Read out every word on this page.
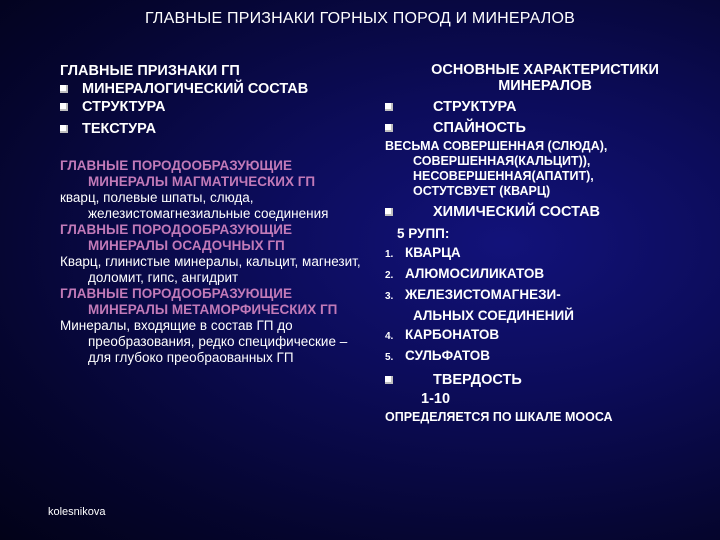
ГЛАВНЫЕ ПРИЗНАКИ ГОРНЫХ ПОРОД И МИНЕРАЛОВ
ГЛАВНЫЕ ПРИЗНАКИ ГП
МИНЕРАЛОГИЧЕСКИЙ СОСТАВ
СТРУКТУРА
ТЕКСТУРА
ГЛАВНЫЕ ПОРОДООБРАЗУЮЩИЕ МИНЕРАЛЫ МАГМАТИЧЕСКИХ ГП
кварц, полевые шпаты, слюда, железистомагнезиальные соединения
ГЛАВНЫЕ ПОРОДООБРАЗУЮЩИЕ МИНЕРАЛЫ ОСАДОЧНЫХ ГП
Кварц, глинистые минералы, кальцит, магнезит, доломит, гипс, ангидрит
ГЛАВНЫЕ ПОРОДООБРАЗУЮЩИЕ МИНЕРАЛЫ МЕТАМОРФИЧЕСКИХ ГП
Минералы, входящие в состав ГП до преобразования, редко специфические – для глубоко преобраованных ГП
ОСНОВНЫЕ ХАРАКТЕРИСТИКИ МИНЕРАЛОВ
СТРУКТУРА
СПАЙНОСТЬ
ВЕСЬМА СОВЕРШЕННАЯ (СЛЮДА),
СОВЕРШЕННАЯ(КАЛЬЦИТ)),
НЕСОВЕРШЕННАЯ(АПАТИТ),
ОСТУТСВУЕТ (КВАРЦ)
ХИМИЧЕСКИЙ СОСТАВ
5 РУПП:
1. КВАРЦА
2. АЛЮМОСИЛИКАТОВ
3. ЖЕЛЕЗИСТОМАГНЕЗИ-
АЛЬНЫХ СОЕДИНЕНИЙ
4. КАРБОНАТОВ
5. СУЛЬФАТОВ
ТВЕРДОСТЬ
1-10
ОПРЕДЕЛЯЕТСЯ ПО ШКАЛЕ МООСА
kolesnikova
